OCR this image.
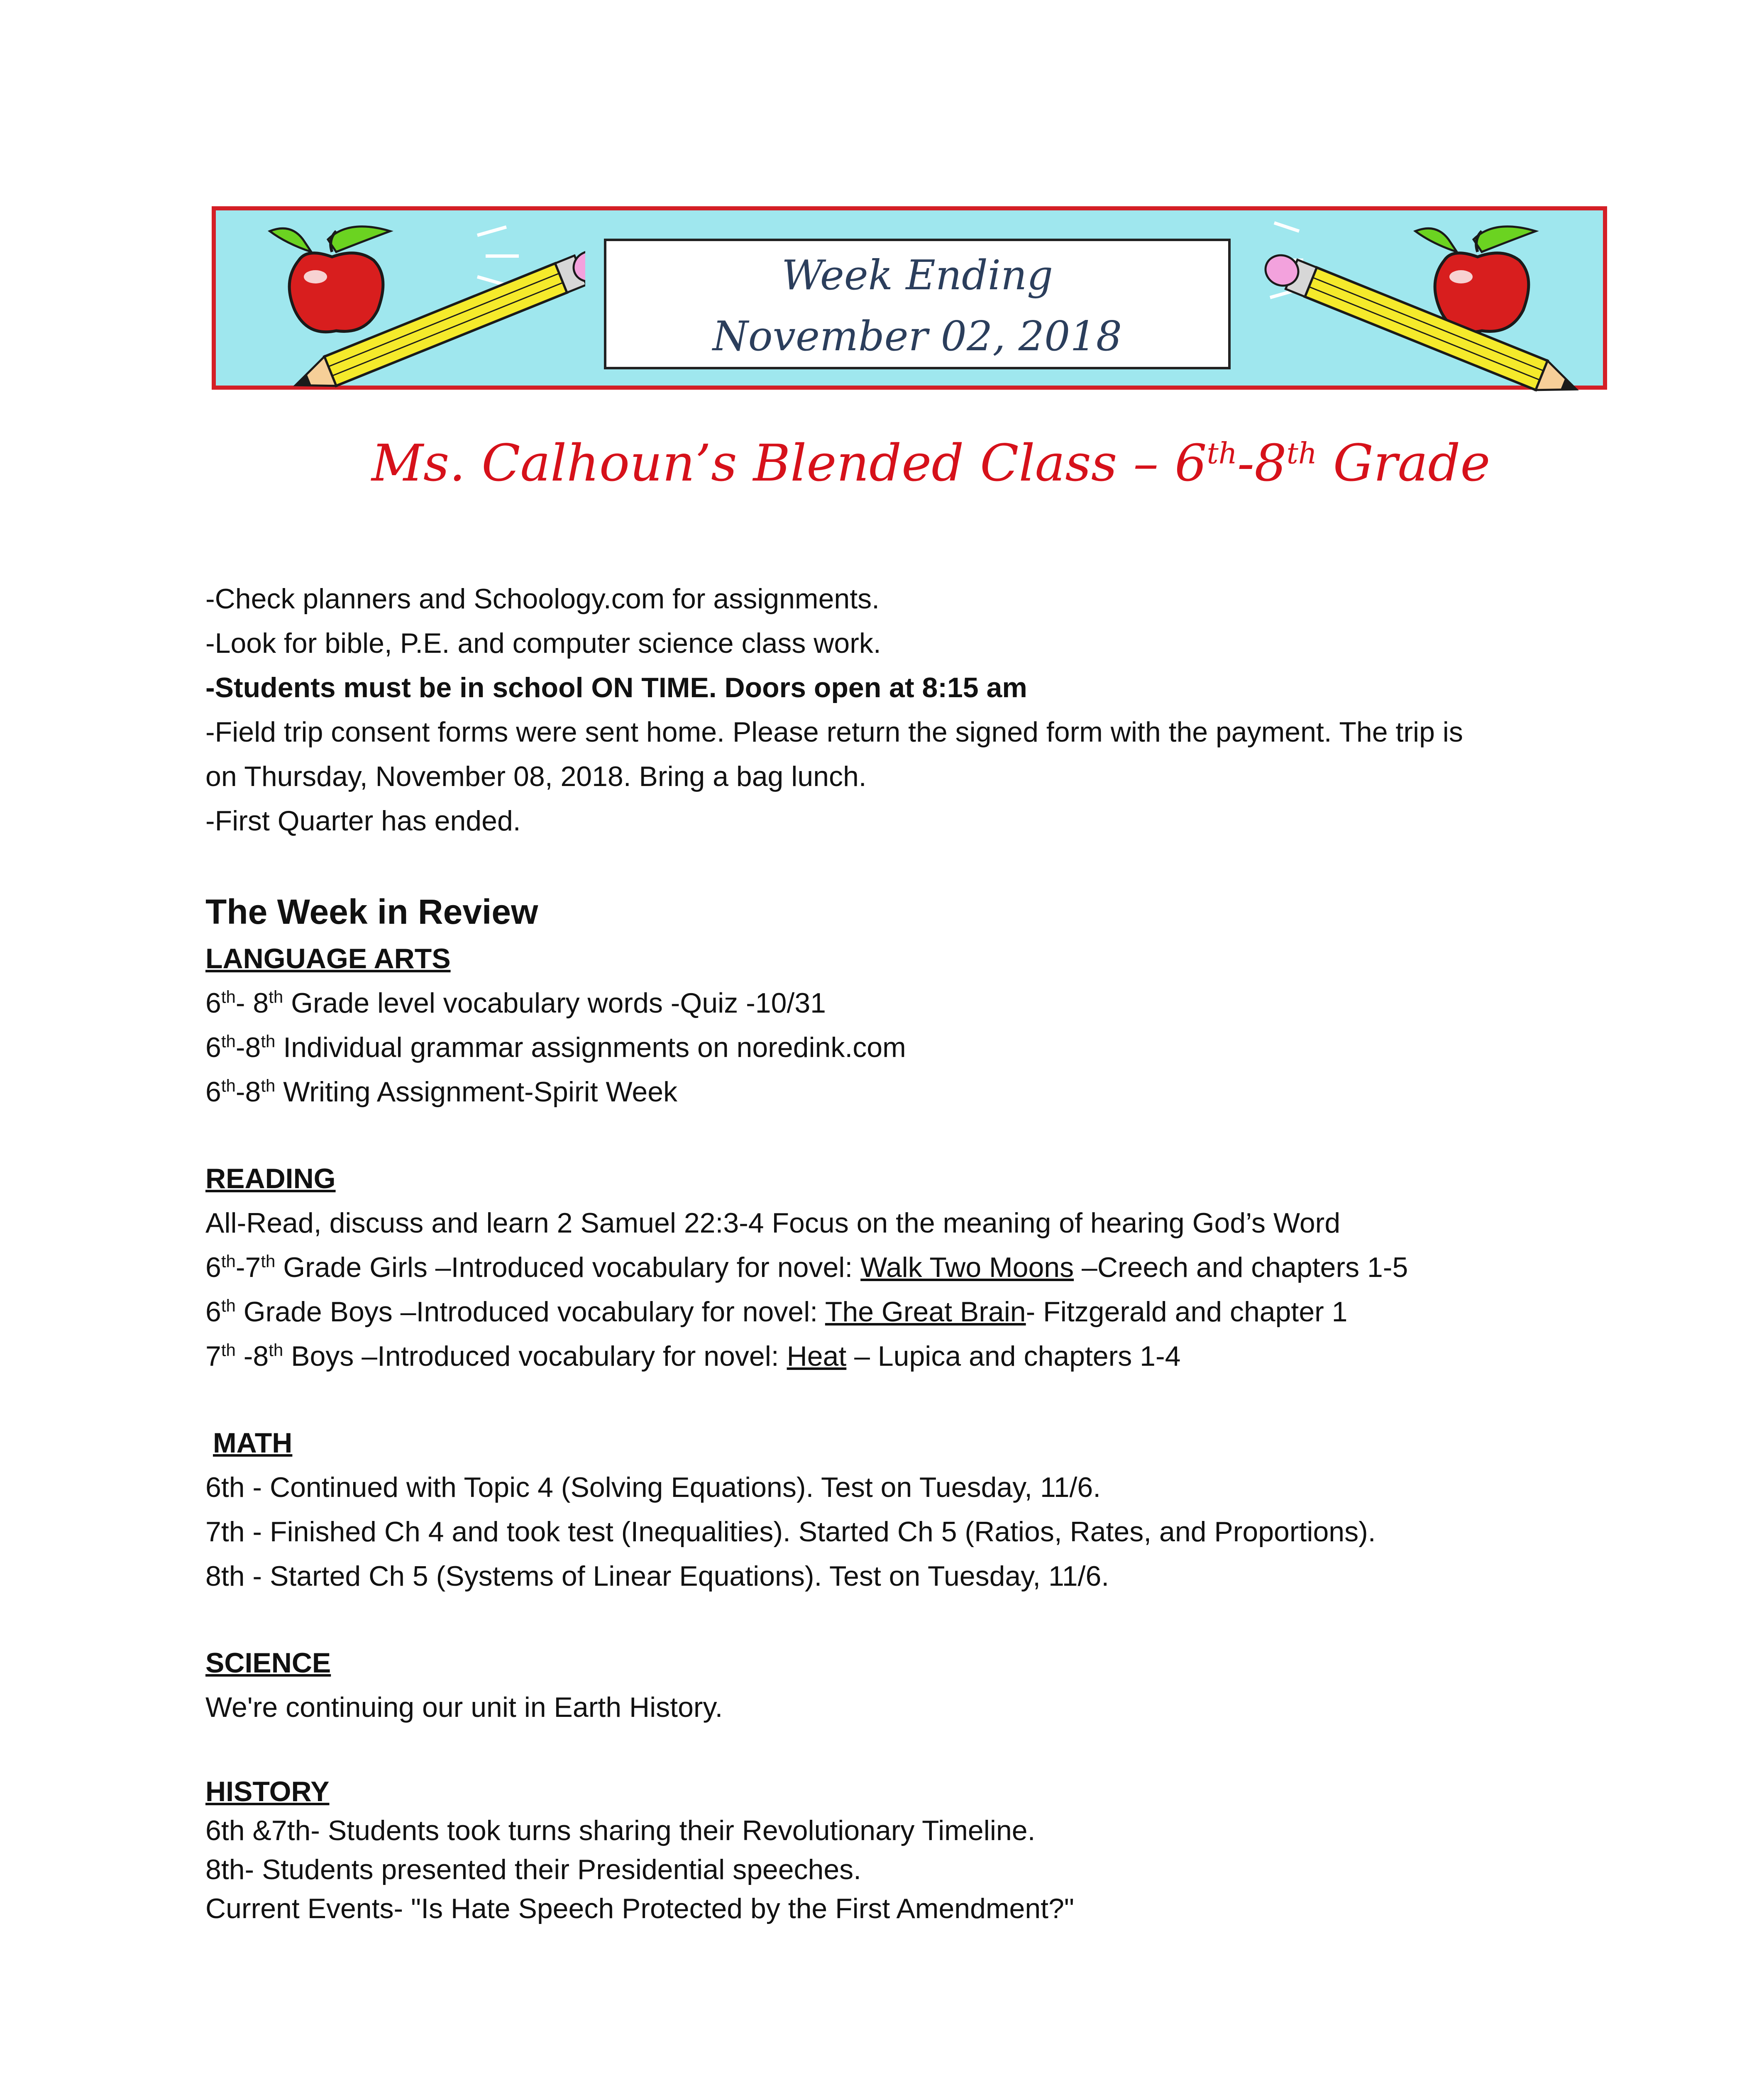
Week Ending
November 02, 2018
Ms. Calhoun’s Blended Class – 6th-8th Grade

-Check planners and Schoology.com for assignments.

-Look for bible, P.E. and computer science class work.

-Students must be in school ON TIME. Doors open at 8:15 am

-Field trip consent forms were sent home. Please return the signed form with the payment. The trip is

on Thursday, November 08, 2018. Bring a bag lunch.

-First Quarter has ended.

The Week in Review

LANGUAGE ARTS

6th- 8th Grade level vocabulary words -Quiz -10/31

6th-8th Individual grammar assignments on noredink.com

6th-8th Writing Assignment-Spirit Week

READING

All-Read, discuss and learn 2 Samuel 22:3-4 Focus on the meaning of hearing God’s Word

6th-7th Grade Girls –Introduced vocabulary for novel: Walk Two Moons –Creech and chapters 1-5

6th Grade Boys –Introduced vocabulary for novel: The Great Brain- Fitzgerald and chapter 1

7th -8th Boys –Introduced vocabulary for novel: Heat – Lupica and chapters 1-4

MATH

6th - Continued with Topic 4 (Solving Equations). Test on Tuesday, 11/6.

7th - Finished Ch 4 and took test (Inequalities). Started Ch 5 (Ratios, Rates, and Proportions).

8th - Started Ch 5 (Systems of Linear Equations). Test on Tuesday, 11/6.

SCIENCE

We're continuing our unit in Earth History.

HISTORY

6th &7th- Students took turns sharing their Revolutionary Timeline.

8th- Students presented their Presidential speeches.

Current Events- "Is Hate Speech Protected by the First Amendment?"
